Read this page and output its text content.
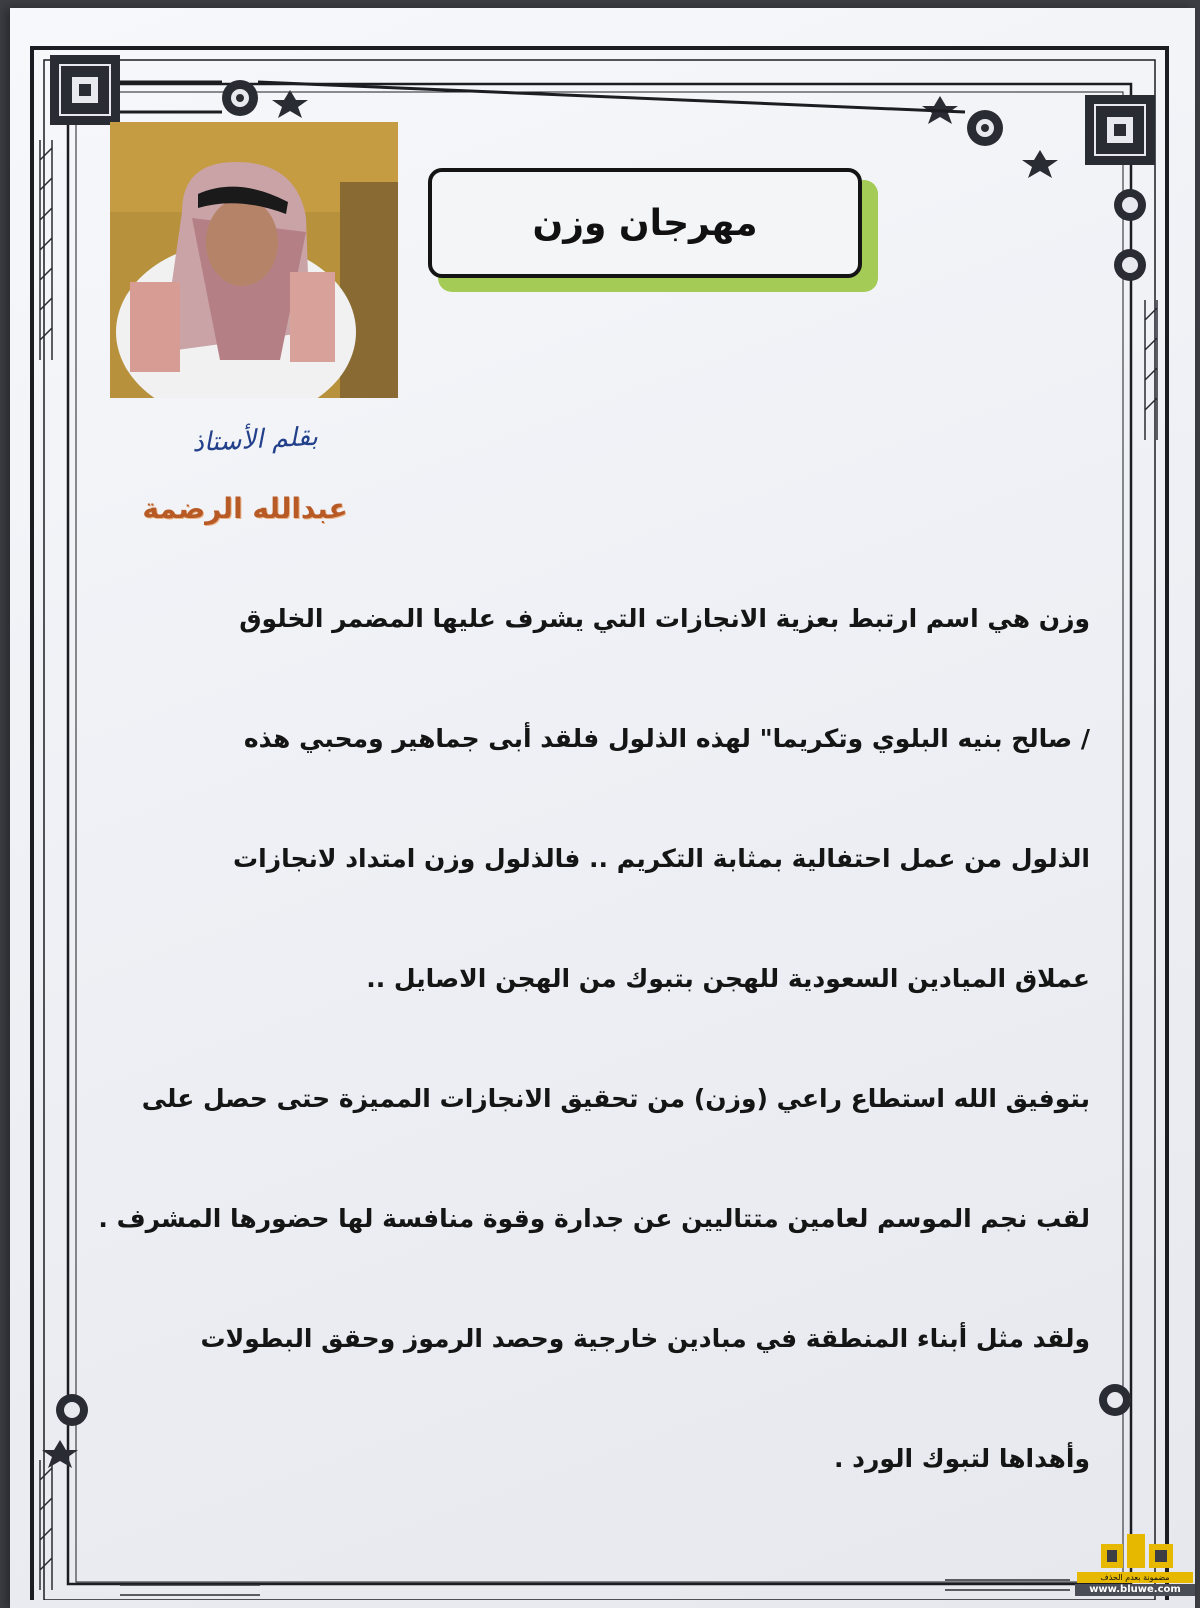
مهرجان وزن
بقلم الأستاذ
عبدالله الرضمة
وزن هي اسم ارتبط بعزية الانجازات التي يشرف عليها المضمر الخلوق
/ صالح بنيه البلوي وتكريما" لهذه الذلول فلقد أبى جماهير ومحبي هذه
الذلول من عمل احتفالية بمثابة التكريم .. فالذلول وزن امتداد لانجازات
عملاق الميادين السعودية للهجن بتبوك من الهجن الاصايل ..
بتوفيق الله استطاع راعي (وزن) من تحقيق الانجازات المميزة حتى حصل على
لقب نجم الموسم لعامين متتاليين عن جدارة وقوة منافسة لها حضورها المشرف .
ولقد مثل أبناء المنطقة في مبادين خارجية وحصد الرموز وحقق البطولات
وأهداها لتبوك الورد .
مضمونة بعدم الحذف
www.bluwe.com
